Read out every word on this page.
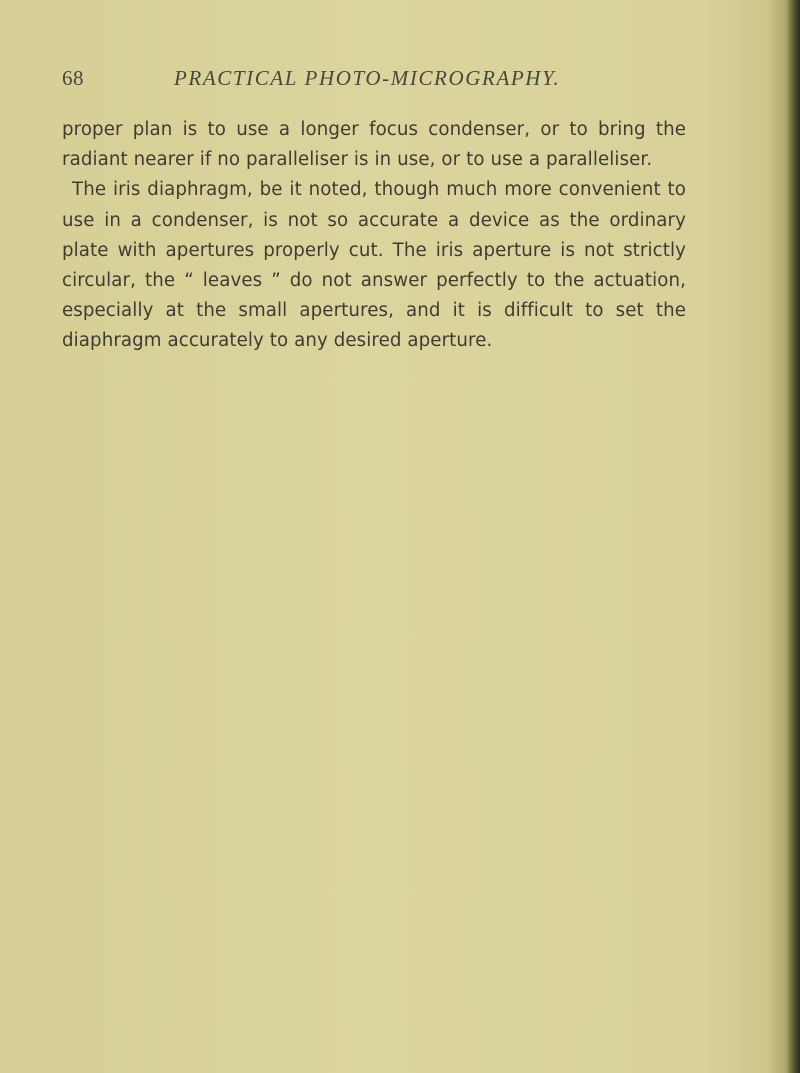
68	PRACTICAL PHOTO-MICROGRAPHY.

proper plan is to use a longer focus condenser, or to bring the radiant nearer if no paralleliser is in use, or to use a paralleliser.

The iris diaphragm, be it noted, though much more convenient to use in a condenser, is not so accurate a device as the ordinary plate with apertures properly cut. The iris aperture is not strictly circular, the “ leaves ” do not answer perfectly to the actuation, especially at the small apertures, and it is difficult to set the diaphragm accurately to any desired aperture.
